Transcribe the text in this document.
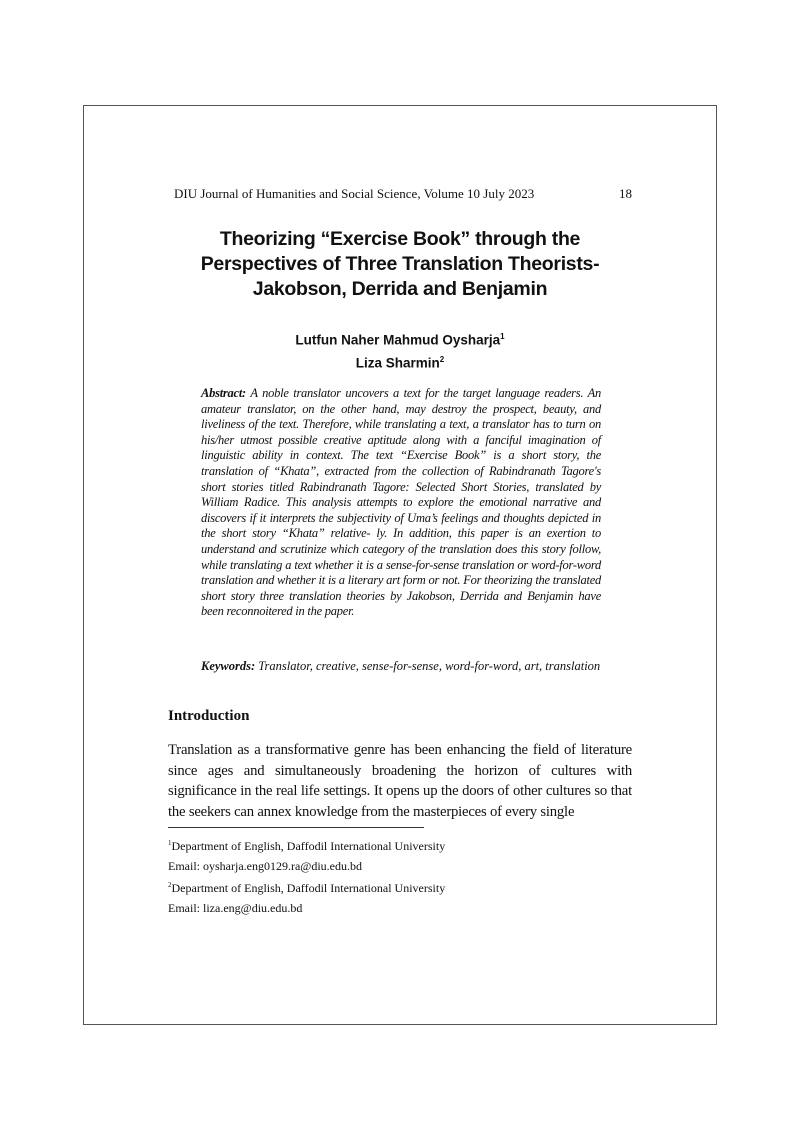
DIU Journal of Humanities and Social Science, Volume 10 July 2023	18
Theorizing “Exercise Book” through the
Perspectives of Three Translation Theorists-
Jakobson, Derrida and Benjamin
Lutfun Naher Mahmud Oysharja$^1$
Liza Sharmin$^2$
Abstract: A noble translator uncovers a text for the target language readers. An amateur translator, on the other hand, may destroy the prospect, beauty, and liveliness of the text. Therefore, while translating a text, a translator has to turn on his/her utmost possible creative aptitude along with a fanciful imagination of linguistic ability in context. The text “Exercise Book” is a short story, the translation of “Khata”, extracted from the collection of Rabindranath Tagore's short stories titled Rabindranath Tagore: Selected Short Stories, translated by William Radice. This analysis attempts to explore the emotional narrative and discovers if it interprets the subjectivity of Uma’s feelings and thoughts depicted in the short story “Khata” relative- ly. In addition, this paper is an exertion to understand and scrutinize which category of the translation does this story follow, while translating a text whether it is a sense-for-sense translation or word-for-word translation and whether it is a literary art form or not. For theorizing the translated short story three translation theories by Jakobson, Derrida and Benjamin have been reconnoitered in the paper.
Keywords: Translator, creative, sense-for-sense, word-for-word, art, translation
Introduction
Translation as a transformative genre has been enhancing the field of literature since ages and simultaneously broadening the horizon of cultures with significance in the real life settings. It opens up the doors of other cultures so that the seekers can annex knowledge from the masterpieces of every single
$^1$Department of English, Daffodil International University
Email: oysharja.eng0129.ra@diu.edu.bd
$^2$Department of English, Daffodil International University
Email: liza.eng@diu.edu.bd
